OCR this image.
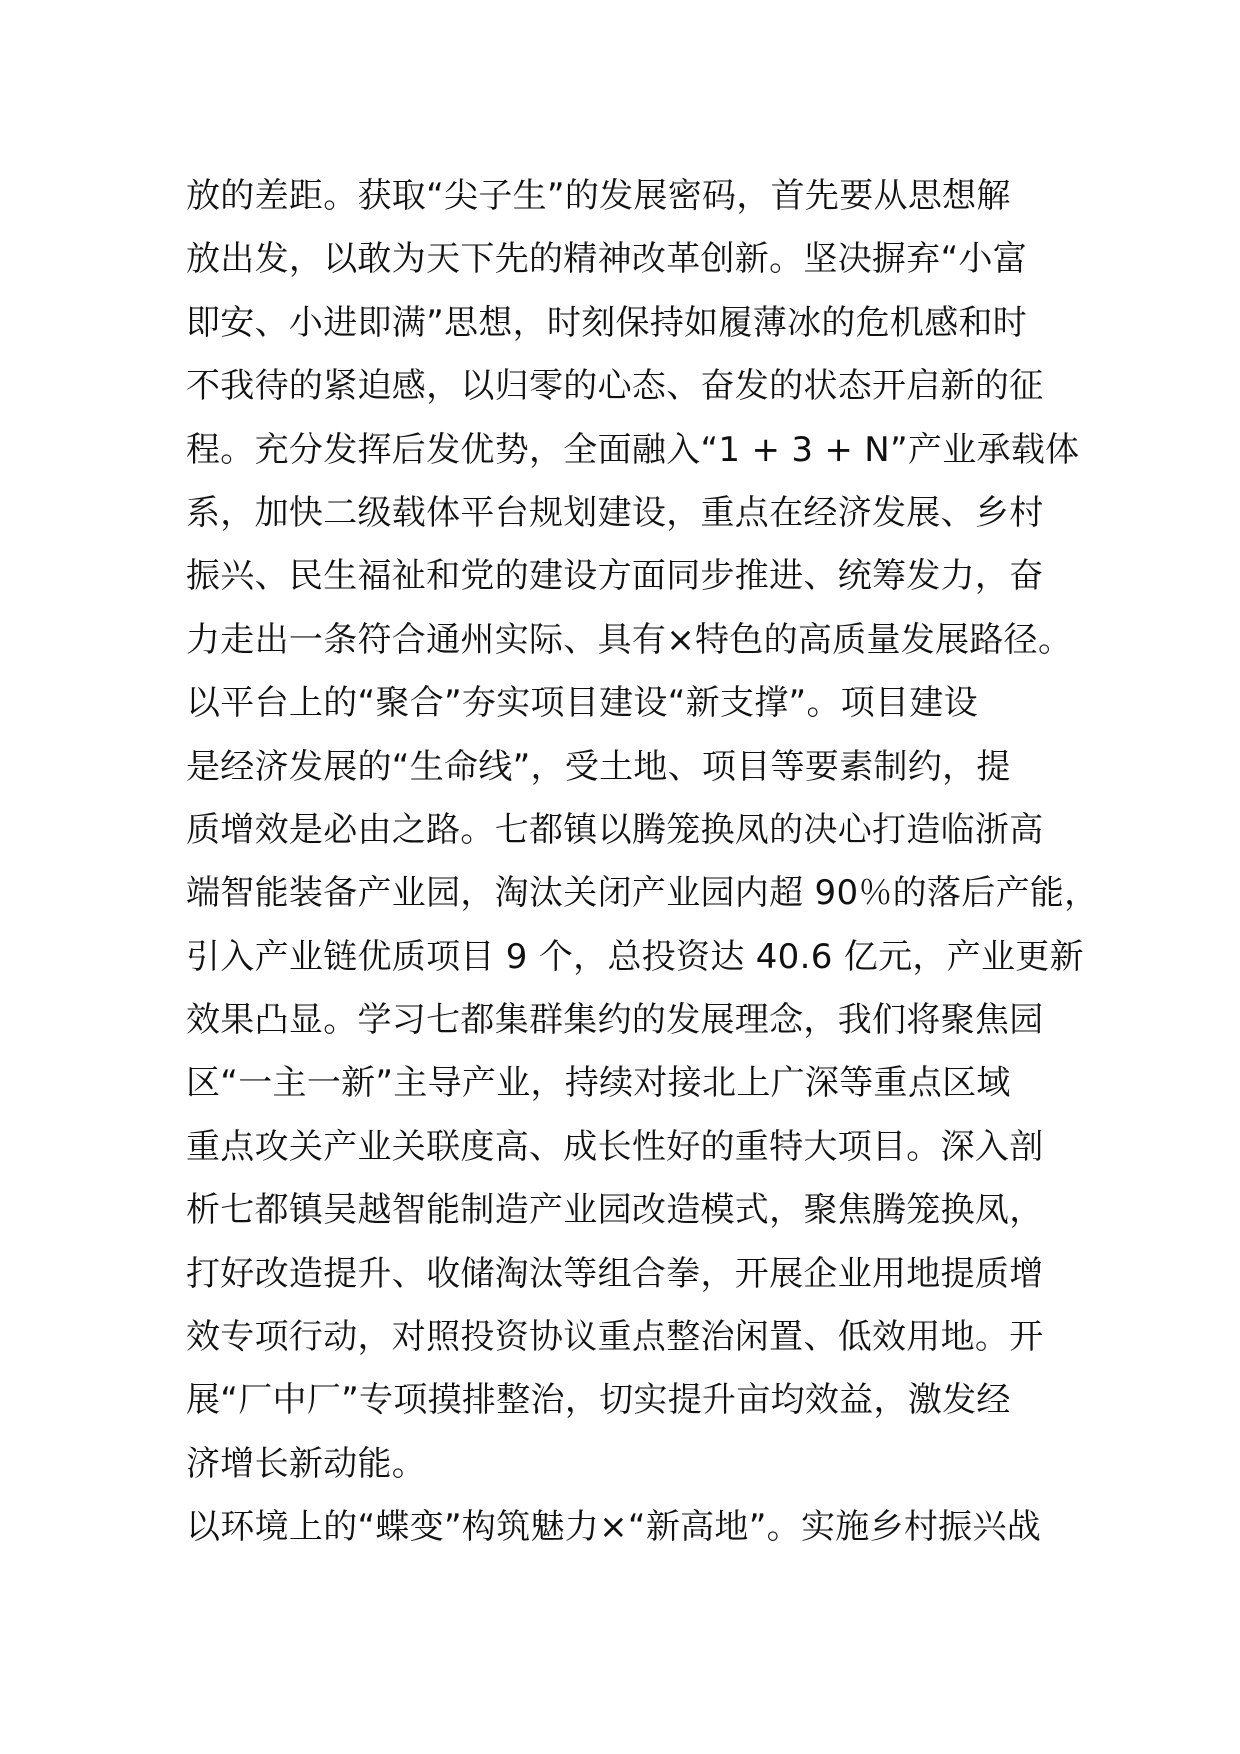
放的差距。获取“尖子生”的发展密码，首先要从思想解
放出发，以敢为天下先的精神改革创新。坚决摒弃“小富
即安、小进即满”思想，时刻保持如履薄冰的危机感和时
不我待的紧迫感，以归零的心态、奋发的状态开启新的征
程。充分发挥后发优势，全面融入“1 + 3 + N”产业承载体
系，加快二级载体平台规划建设，重点在经济发展、乡村
振兴、民生福祉和党的建设方面同步推进、统筹发力，奋
力走出一条符合通州实际、具有×特色的高质量发展路径。
以平台上的“聚合”夯实项目建设“新支撑”。项目建设
是经济发展的“生命线”，受土地、项目等要素制约，提
质增效是必由之路。七都镇以腾笼换凤的决心打造临浙高
端智能装备产业园，淘汰关闭产业园内超 90％的落后产能，
引入产业链优质项目 9 个，总投资达 40.6 亿元，产业更新
效果凸显。学习七都集群集约的发展理念，我们将聚焦园
区“一主一新”主导产业，持续对接北上广深等重点区域
重点攻关产业关联度高、成长性好的重特大项目。深入剖
析七都镇吴越智能制造产业园改造模式，聚焦腾笼换凤，
打好改造提升、收储淘汰等组合拳，开展企业用地提质增
效专项行动，对照投资协议重点整治闲置、低效用地。开
展“厂中厂”专项摸排整治，切实提升亩均效益，激发经
济增长新动能。
以环境上的“蝶变”构筑魅力×“新高地”。实施乡村振兴战
